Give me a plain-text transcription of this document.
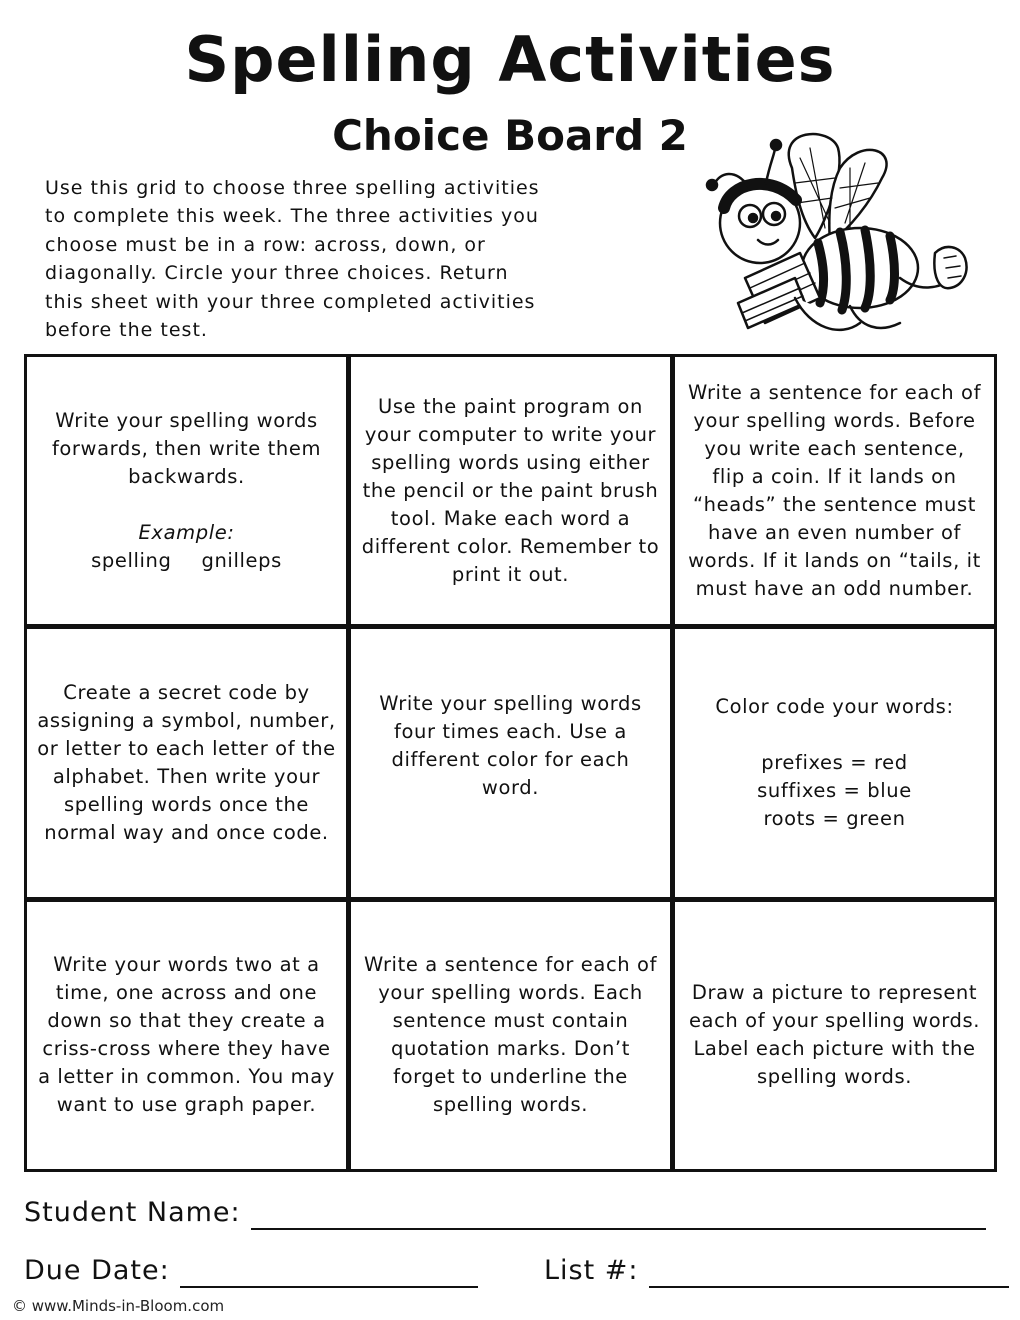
Spelling Activities
Choice Board 2

Use this grid to choose three spelling activities
to complete this week. The three activities you
choose must be in a row: across, down, or
diagonally. Circle your three choices. Return
this sheet with your three completed activities
before the test.

Write your spelling words forwards, then write them backwards.
Example:
spelling gnilleps
Use the paint program on your computer to write your spelling words using either the pencil or the paint brush tool. Make each word a different color. Remember to print it out.
Write a sentence for each of your spelling words. Before you write each sentence, flip a coin. If it lands on “heads” the sentence must have an even number of words. If it lands on “tails, it must have an odd number.
Create a secret code by assigning a symbol, number, or letter to each letter of the alphabet. Then write your spelling words once the normal way and once code.
Write your spelling words four times each. Use a different color for each word.
Color code your words:
prefixes = red
suffixes = blue
roots = green
Write your words two at a time, one across and one down so that they create a criss-cross where they have a letter in common. You may want to use graph paper.
Write a sentence for each of your spelling words. Each sentence must contain quotation marks. Don’t forget to underline the spelling words.
Draw a picture to represent each of your spelling words. Label each picture with the spelling words.
Student Name:
Due Date:	List #:
© www.Minds-in-Bloom.com
